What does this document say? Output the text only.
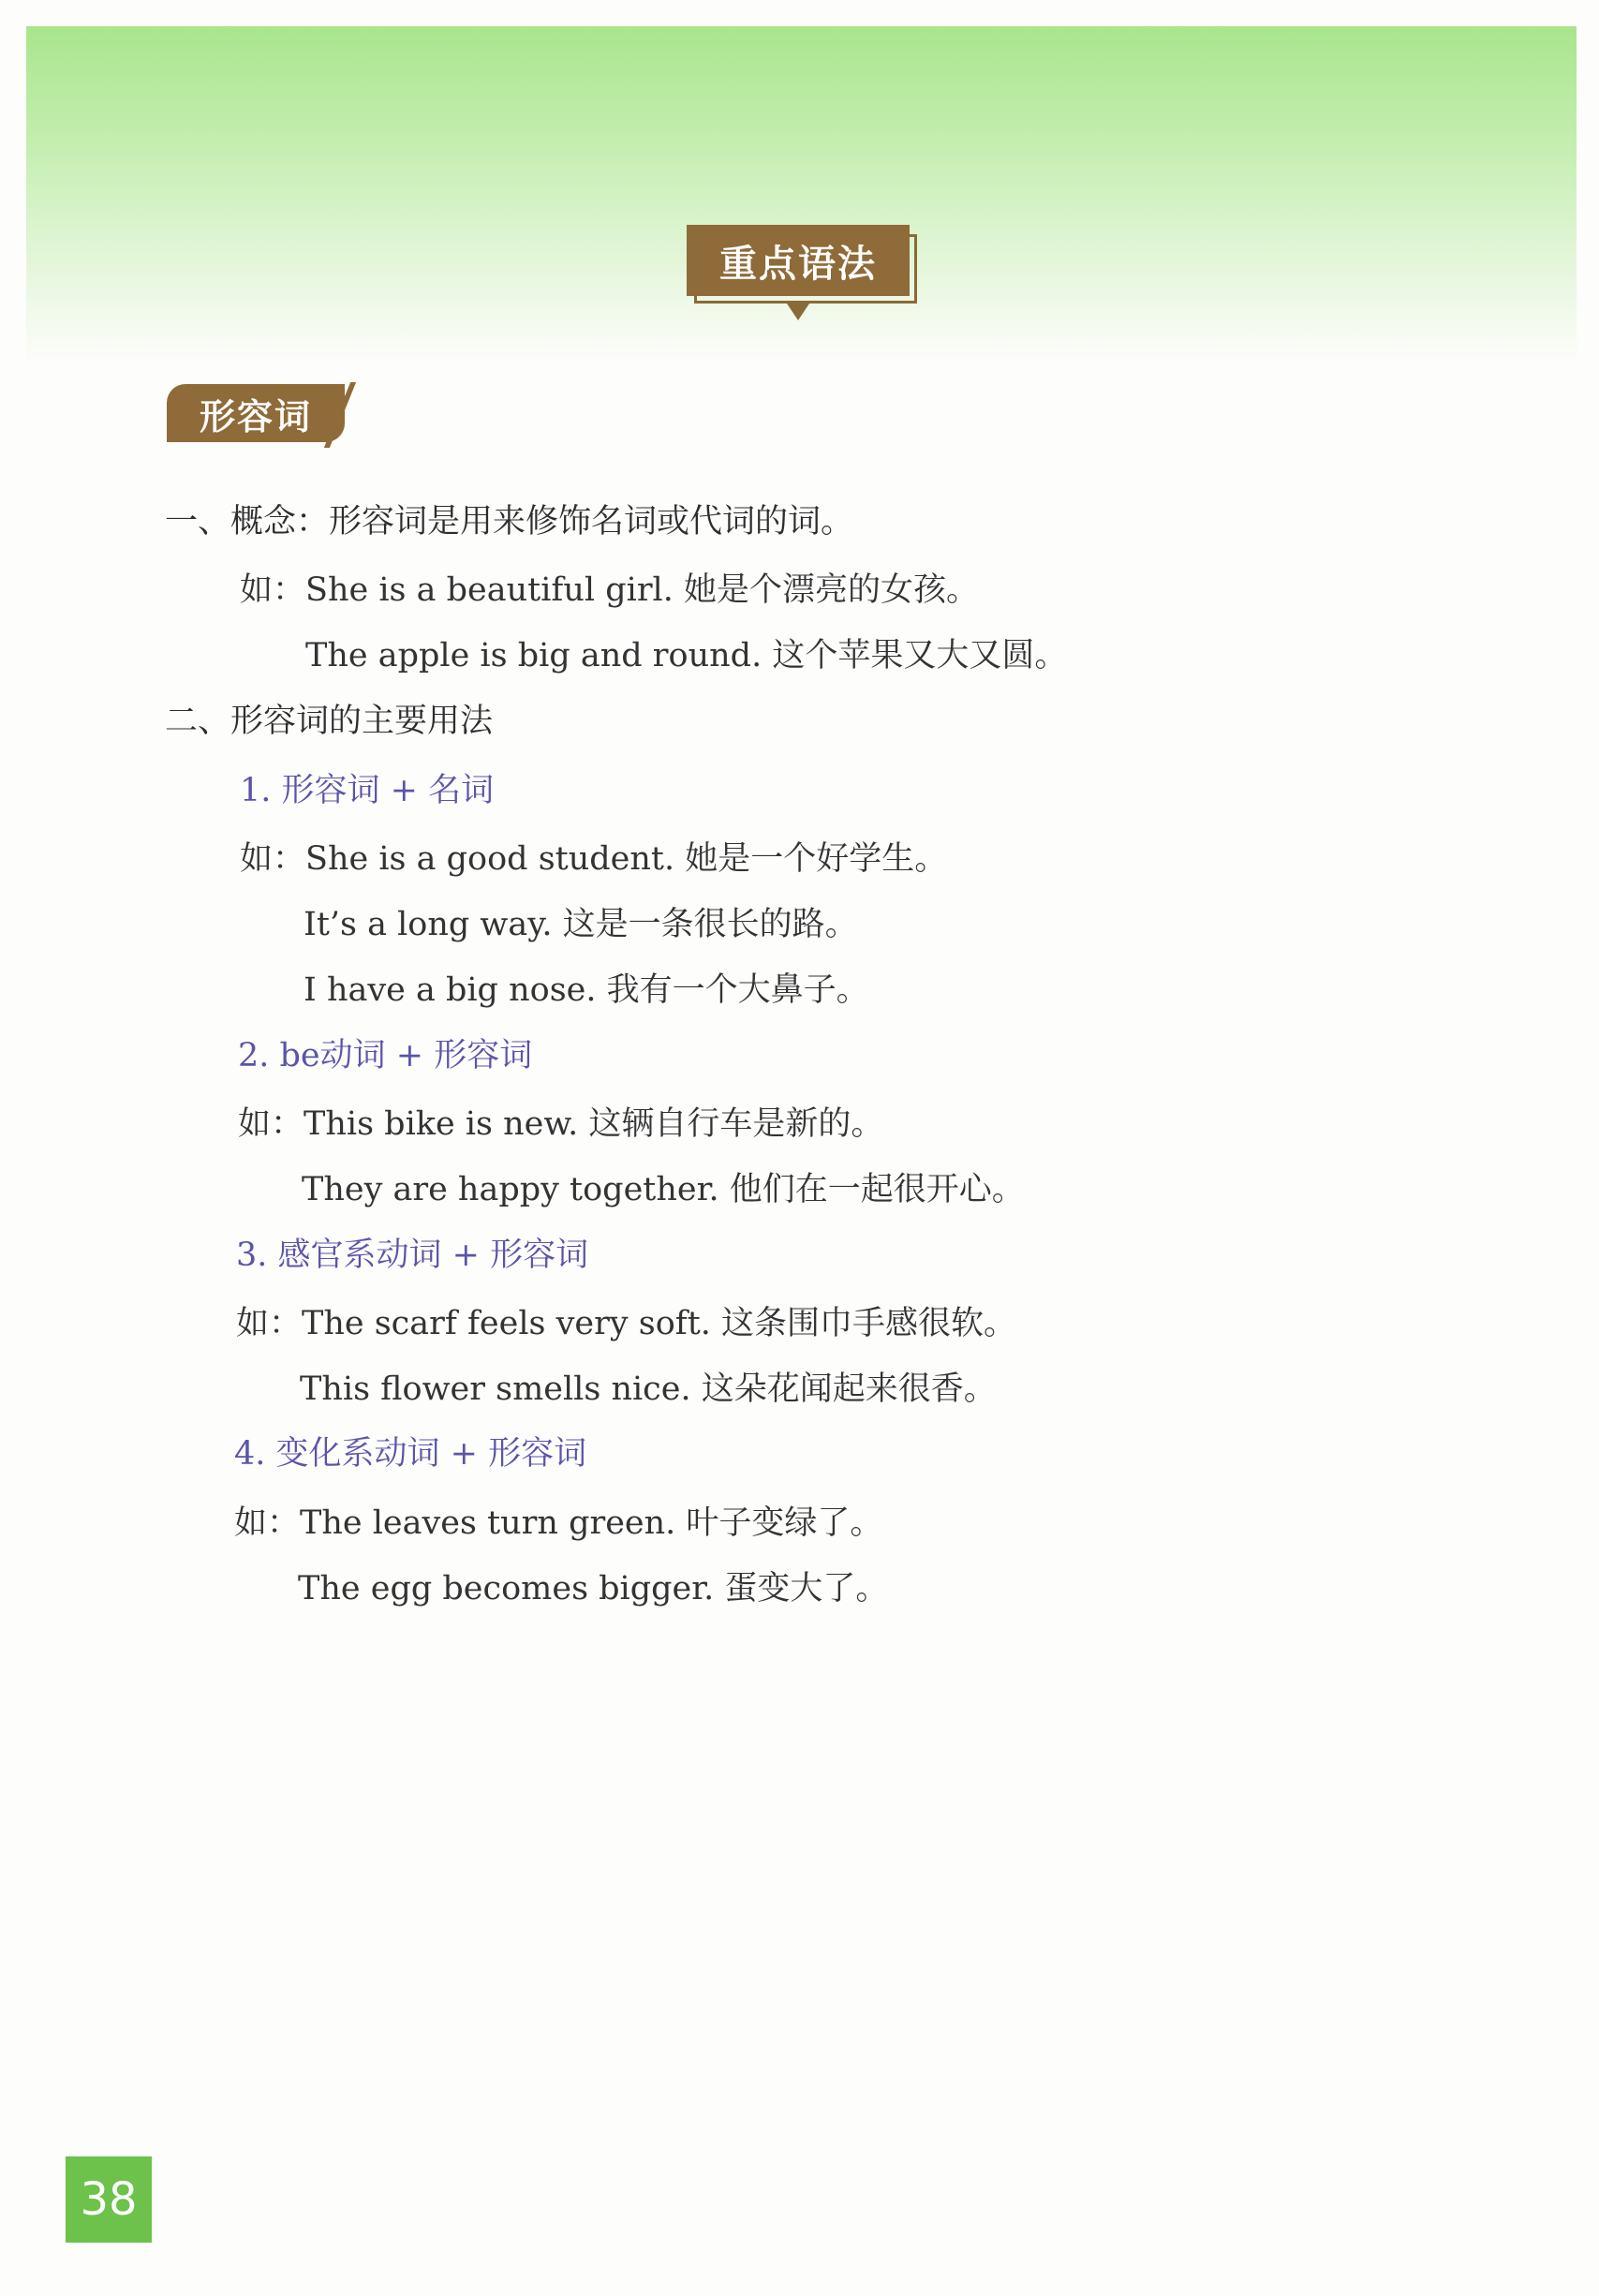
重点语法
形容词
一、概念：形容词是用来修饰名词或代词的词。
如：She is a beautiful girl. 她是个漂亮的女孩。
The apple is big and round. 这个苹果又大又圆。
二、形容词的主要用法
1. 形容词 + 名词
如：She is a good student. 她是一个好学生。
It’s a long way. 这是一条很长的路。
I have a big nose. 我有一个大鼻子。
2. be动词 + 形容词
如：This bike is new. 这辆自行车是新的。
They are happy together. 他们在一起很开心。
3. 感官系动词 + 形容词
如：The scarf feels very soft. 这条围巾手感很软。
This flower smells nice. 这朵花闻起来很香。
4. 变化系动词 + 形容词
如：The leaves turn green. 叶子变绿了。
The egg becomes bigger. 蛋变大了。
38
